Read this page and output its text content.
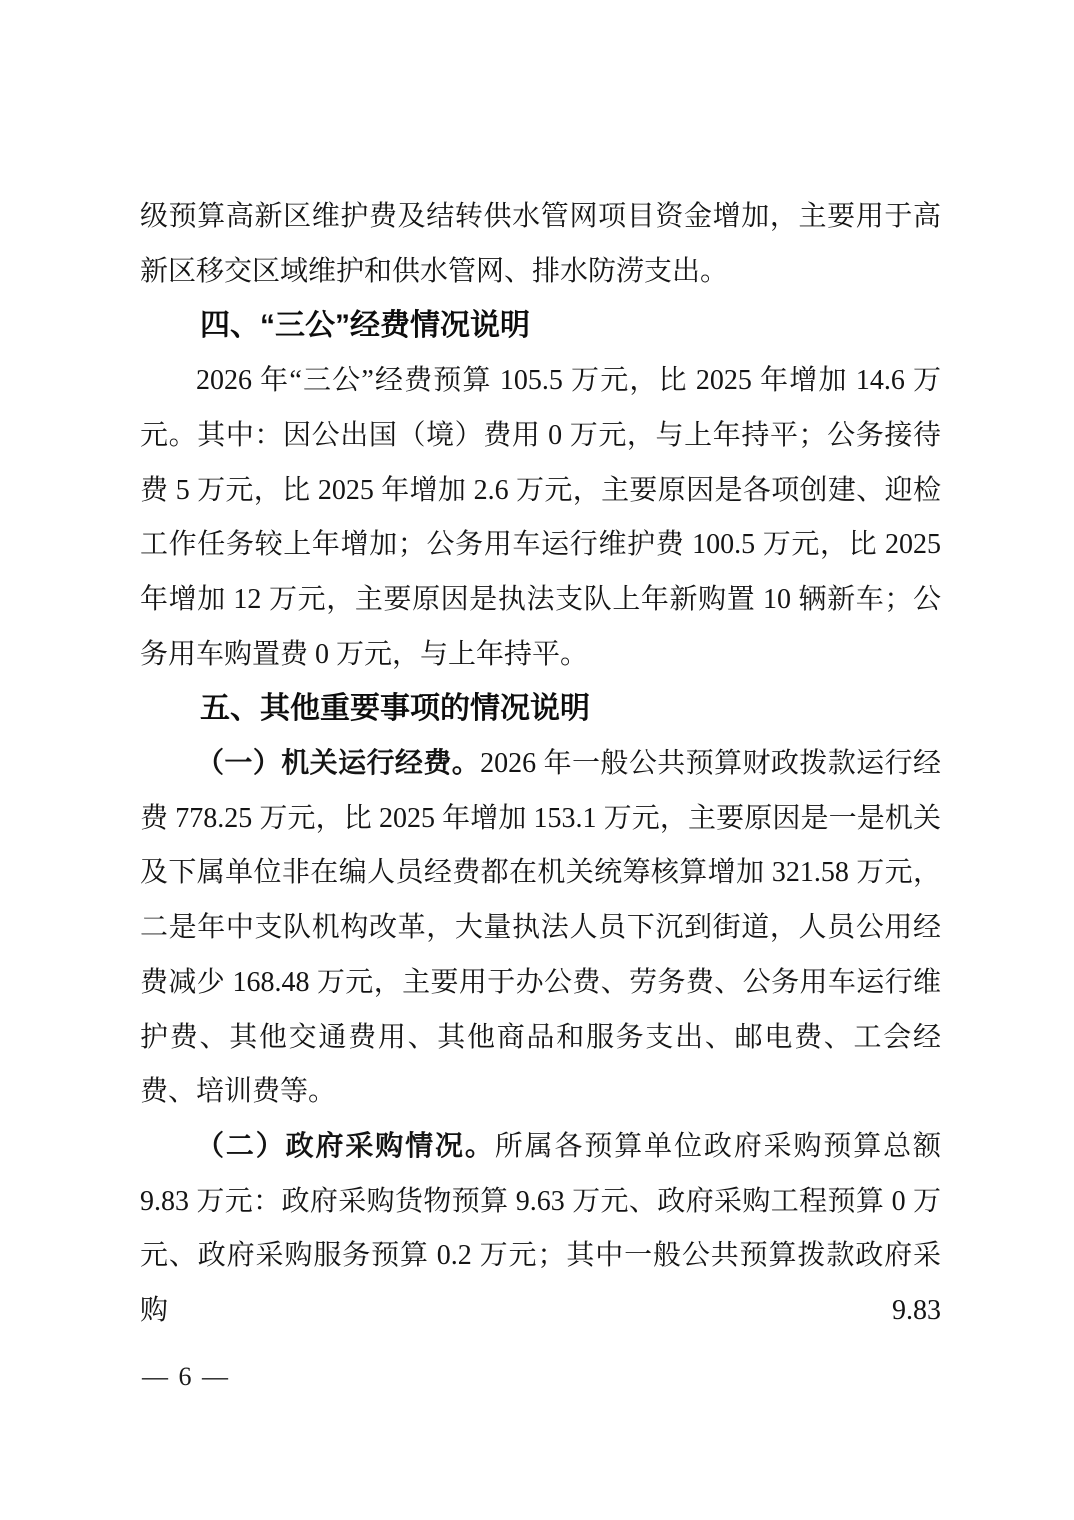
级预算高新区维护费及结转供水管网项目资金增加，主要用于高新区移交区域维护和供水管网、排水防涝支出。

四、“三公”经费情况说明

2026 年“三公”经费预算 105.5 万元，比 2025 年增加 14.6 万元。其中：因公出国（境）费用 0 万元，与上年持平；公务接待费 5 万元，比 2025 年增加 2.6 万元，主要原因是各项创建、迎检工作任务较上年增加；公务用车运行维护费 100.5 万元，比 2025 年增加 12 万元，主要原因是执法支队上年新购置 10 辆新车；公务用车购置费 0 万元，与上年持平。

五、其他重要事项的情况说明

（一）机关运行经费。2026 年一般公共预算财政拨款运行经费 778.25 万元，比 2025 年增加 153.1 万元，主要原因是一是机关及下属单位非在编人员经费都在机关统筹核算增加 321.58 万元，二是年中支队机构改革，大量执法人员下沉到街道，人员公用经费减少 168.48 万元，主要用于办公费、劳务费、公务用车运行维护费、其他交通费用、其他商品和服务支出、邮电费、工会经费、培训费等。

（二）政府采购情况。所属各预算单位政府采购预算总额 9.83 万元：政府采购货物预算 9.63 万元、政府采购工程预算 0 万元、政府采购服务预算 0.2 万元；其中一般公共预算拨款政府采购 9.83

— 6 —
